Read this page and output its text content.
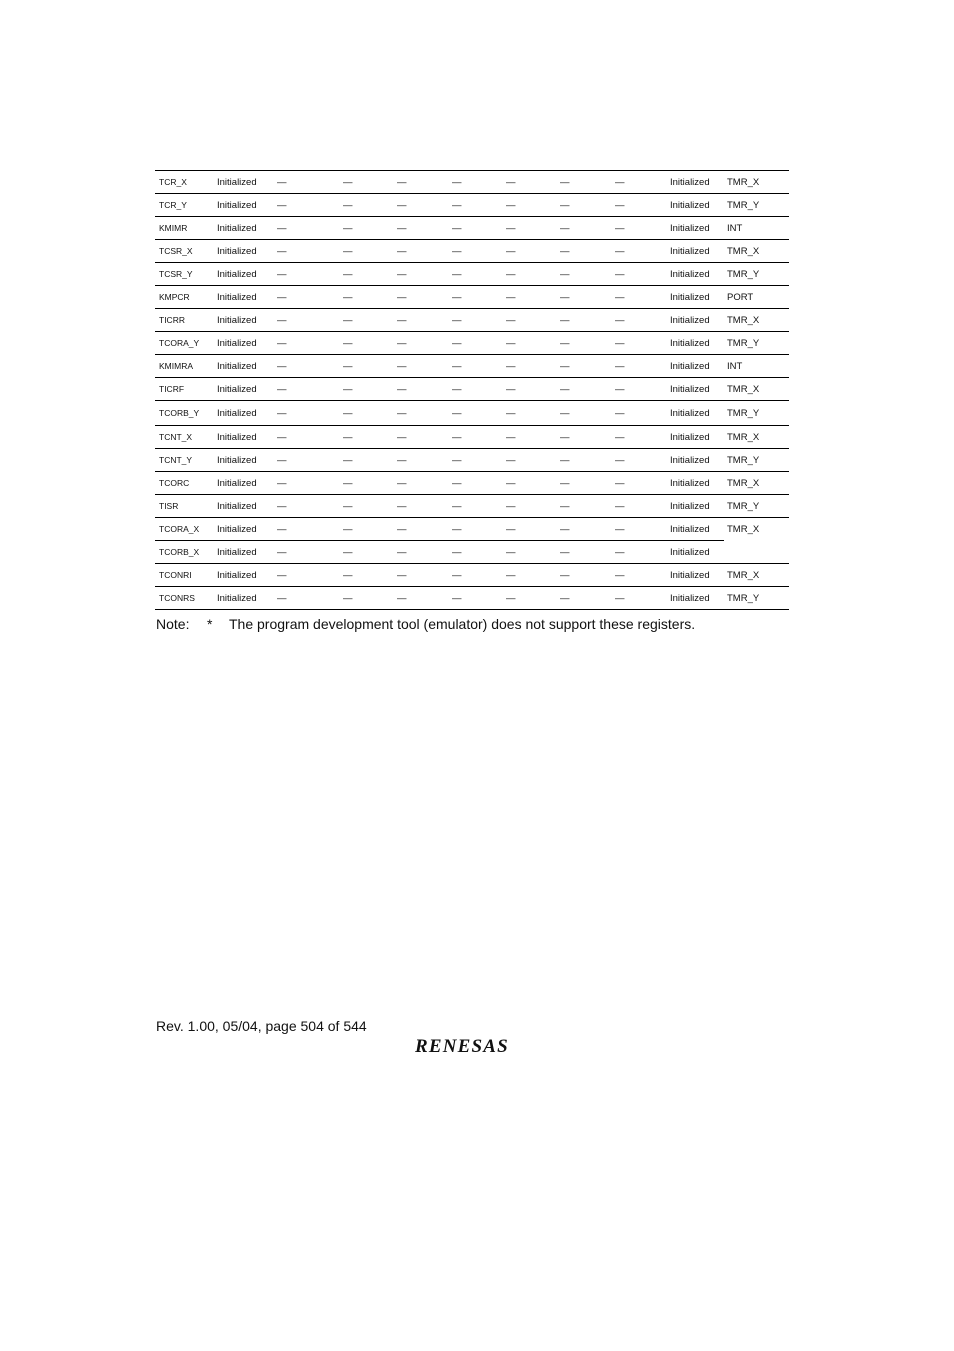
TCR_X	Initialized	—	—	—	—	—	—	—	Initialized	TMR_X
TCR_Y	Initialized	—	—	—	—	—	—	—	Initialized	TMR_Y
KMIMR	Initialized	—	—	—	—	—	—	—	Initialized	INT
TCSR_X	Initialized	—	—	—	—	—	—	—	Initialized	TMR_X
TCSR_Y	Initialized	—	—	—	—	—	—	—	Initialized	TMR_Y
KMPCR	Initialized	—	—	—	—	—	—	—	Initialized	PORT
TICRR	Initialized	—	—	—	—	—	—	—	Initialized	TMR_X
TCORA_Y	Initialized	—	—	—	—	—	—	—	Initialized	TMR_Y
KMIMRA	Initialized	—	—	—	—	—	—	—	Initialized	INT
TICRF	Initialized	—	—	—	—	—	—	—	Initialized	TMR_X
TCORB_Y	Initialized	—	—	—	—	—	—	—	Initialized	TMR_Y
TCNT_X	Initialized	—	—	—	—	—	—	—	Initialized	TMR_X
TCNT_Y	Initialized	—	—	—	—	—	—	—	Initialized	TMR_Y
TCORC	Initialized	—	—	—	—	—	—	—	Initialized	TMR_X
TISR	Initialized	—	—	—	—	—	—	—	Initialized	TMR_Y
TCORA_X	Initialized	—	—	—	—	—	—	—	Initialized	TMR_X
TCORB_X	Initialized	—	—	—	—	—	—	—	Initialized	
TCONRI	Initialized	—	—	—	—	—	—	—	Initialized	TMR_X
TCONRS	Initialized	—	—	—	—	—	—	—	Initialized	TMR_Y
Note: * The program development tool (emulator) does not support these registers.
Rev. 1.00, 05/04, page 504 of 544
RENESAS
